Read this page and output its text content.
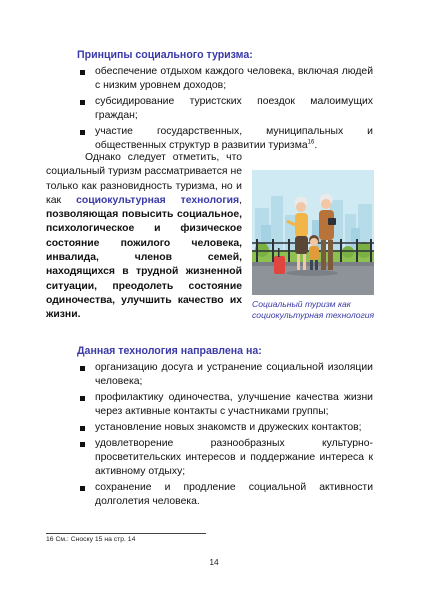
Принципы социального туризма:
обеспечение отдыхом каждого человека, включая людей с низким уровнем доходов;
субсидирование туристских поездок малоимущих граждан;
участие государственных, муниципальных и общественных структур в развитии туризма$^{16}$.
Однако следует отметить, что социальный туризм рассматривается не только как разновидность туризма, но и как социокультурная технология, позволяющая повысить социальное, психологическое и физическое состояние пожилого человека, инвалида, членов семей, находящихся в трудной жизненной ситуации, преодолеть состояние одиночества, улучшить качество их жизни.
Социальный туризм как социокультурная технология
Данная технология направлена на:
организацию досуга и устранение социальной изоляции человека;
профилактику одиночества, улучшение качества жизни через активные контакты с участниками группы;
установление новых знакомств и дружеских контактов;
удовлетворение разнообразных культурно-просветительских интересов и поддержание интереса к активному отдыху;
сохранение и продление социальной активности долголетия человека.
16 См.: Сноску 15 на стр. 14
14
